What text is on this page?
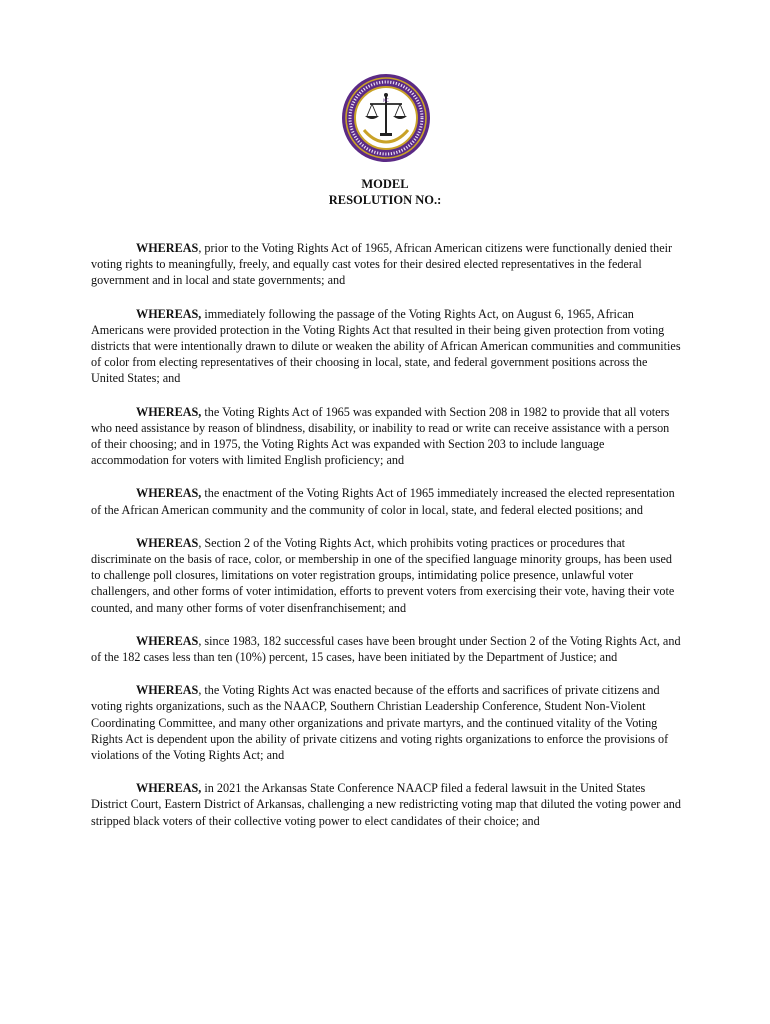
NC
MODEL
RESOLUTION NO.:

WHEREAS, prior to the Voting Rights Act of 1965, African American citizens were functionally denied their voting rights to meaningfully, freely, and equally cast votes for their desired elected representatives in the federal government and in local and state governments; and

WHEREAS, immediately following the passage of the Voting Rights Act, on August 6, 1965, African Americans were provided protection in the Voting Rights Act that resulted in their being given protection from voting districts that were intentionally drawn to dilute or weaken the ability of African American communities and communities of color from electing representatives of their choosing in local, state, and federal government positions across the United States; and

WHEREAS, the Voting Rights Act of 1965 was expanded with Section 208 in 1982 to provide that all voters who need assistance by reason of blindness, disability, or inability to read or write can receive assistance with a person of their choosing; and in 1975, the Voting Rights Act was expanded with Section 203 to include language accommodation for voters with limited English proficiency; and

WHEREAS, the enactment of the Voting Rights Act of 1965 immediately increased the elected representation of the African American community and the community of color in local, state, and federal elected positions; and

WHEREAS, Section 2 of the Voting Rights Act, which prohibits voting practices or procedures that discriminate on the basis of race, color, or membership in one of the specified language minority groups, has been used to challenge poll closures, limitations on voter registration groups, intimidating police presence, unlawful voter challengers, and other forms of voter intimidation, efforts to prevent voters from exercising their vote, having their vote counted, and many other forms of voter disenfranchisement; and

WHEREAS, since 1983, 182 successful cases have been brought under Section 2 of the Voting Rights Act, and of the 182 cases less than ten (10%) percent, 15 cases, have been initiated by the Department of Justice; and

WHEREAS, the Voting Rights Act was enacted because of the efforts and sacrifices of private citizens and voting rights organizations, such as the NAACP, Southern Christian Leadership Conference, Student Non-Violent Coordinating Committee, and many other organizations and private martyrs, and the continued vitality of the Voting Rights Act is dependent upon the ability of private citizens and voting rights organizations to enforce the provisions of violations of the Voting Rights Act; and

WHEREAS, in 2021 the Arkansas State Conference NAACP filed a federal lawsuit in the United States District Court, Eastern District of Arkansas, challenging a new redistricting voting map that diluted the voting power and stripped black voters of their collective voting power to elect candidates of their choice; and
